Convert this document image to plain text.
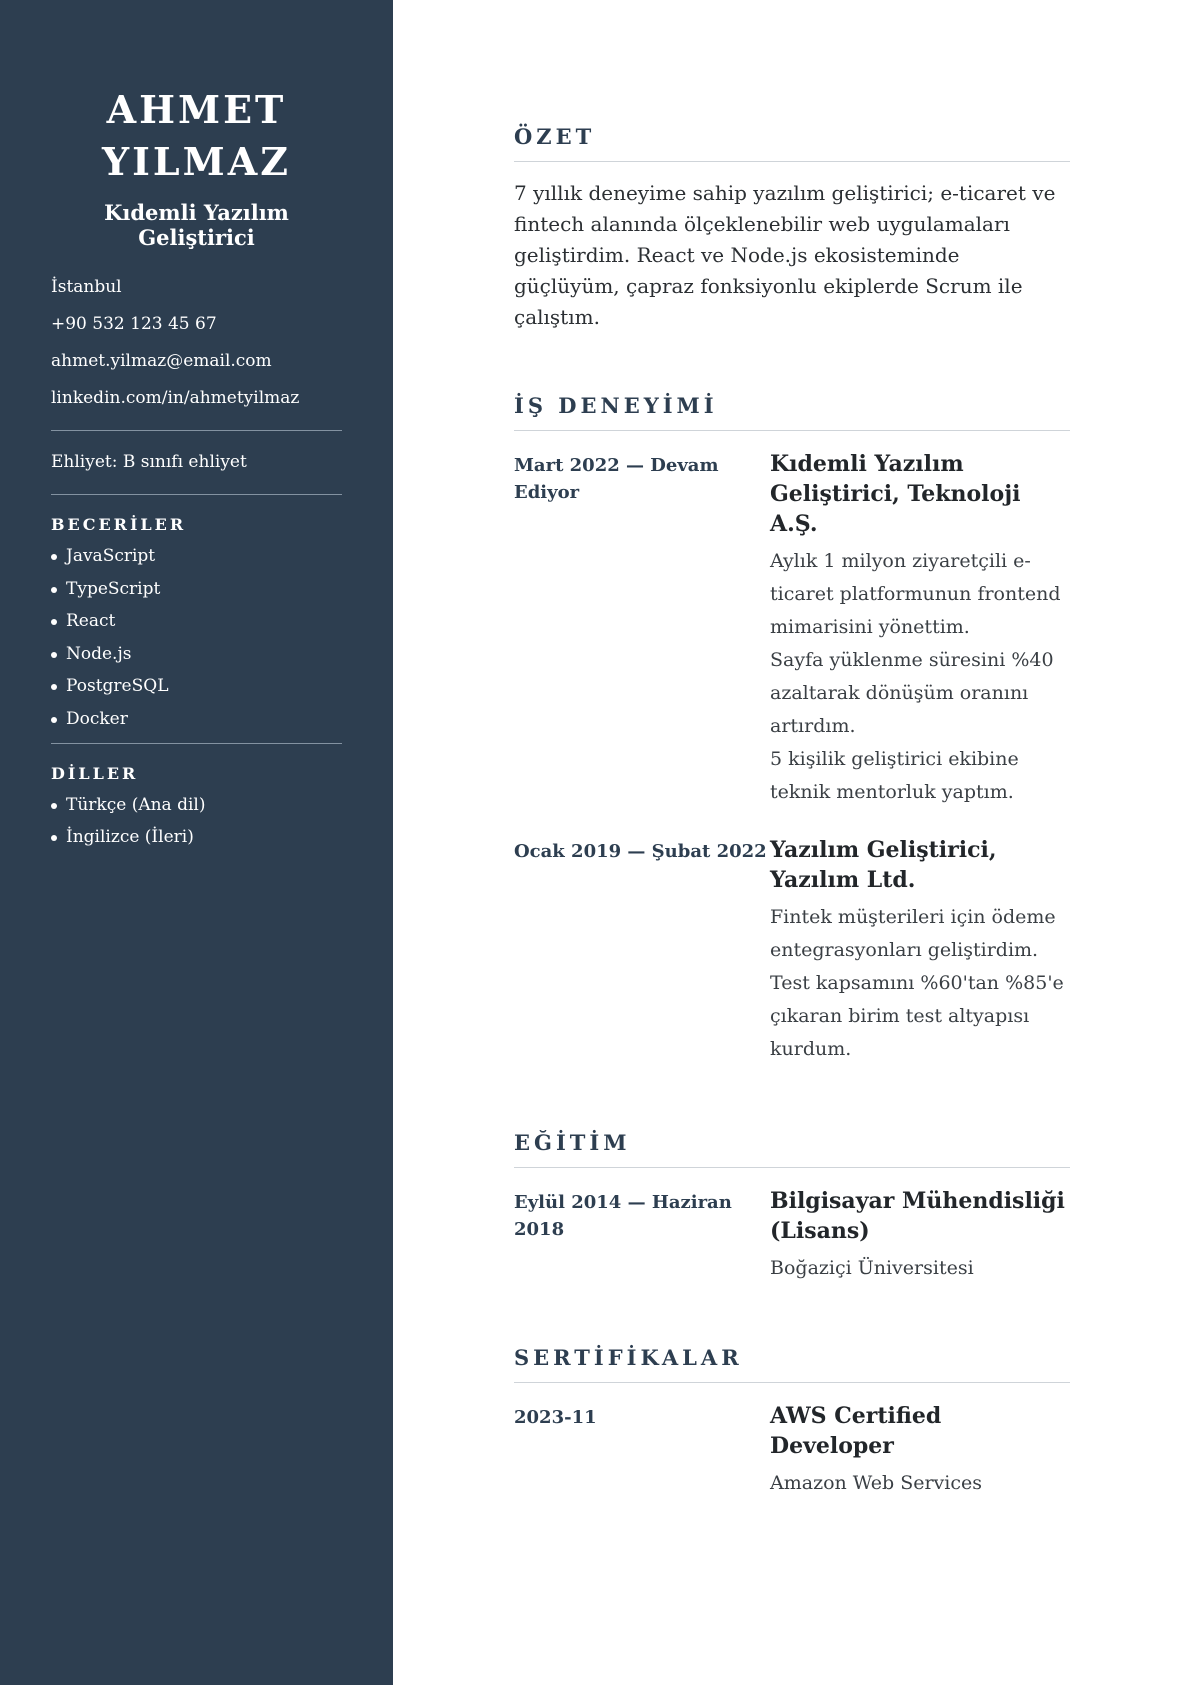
AHMET
YILMAZ
Kıdemli Yazılım Geliştirici

İstanbul

+90 532 123 45 67

ahmet.yilmaz@email.com

linkedin.com/in/ahmetyilmaz

Ehliyet: B sınıfı ehliyet

BECERİLER
JavaScript
TypeScript
React
Node.js
PostgreSQL
Docker
DİLLER
Türkçe (Ana dil)
İngilizce (İleri)
ÖZET

7 yıllık deneyime sahip yazılım geliştirici; e-ticaret ve fintech alanında ölçeklenebilir web uygulamaları geliştirdim. React ve Node.js ekosisteminde güçlüyüm, çapraz fonksiyonlu ekiplerde Scrum ile çalıştım.

İŞ DENEYİMİ
Mart 2022 — Devam Ediyor
Kıdemli Yazılım Geliştirici, Teknoloji A.Ş.

Aylık 1 milyon ziyaretçili e-ticaret platformunun frontend mimarisini yönettim.

Sayfa yüklenme süresini %40 azaltarak dönüşüm oranını artırdım.

5 kişilik geliştirici ekibine teknik mentorluk yaptım.

Ocak 2019 — Şubat 2022 Yazılım Geliştirici, Yazılım Ltd.

Fintek müşterileri için ödeme entegrasyonları geliştirdim.

Test kapsamını %60'tan %85'e çıkaran birim test altyapısı kurdum.

EĞİTİM
Eylül 2014 — Haziran 2018
Bilgisayar Mühendisliği (Lisans)

Boğaziçi Üniversitesi

SERTİFİKALAR
2023-11	AWS Certified Developer

Amazon Web Services
